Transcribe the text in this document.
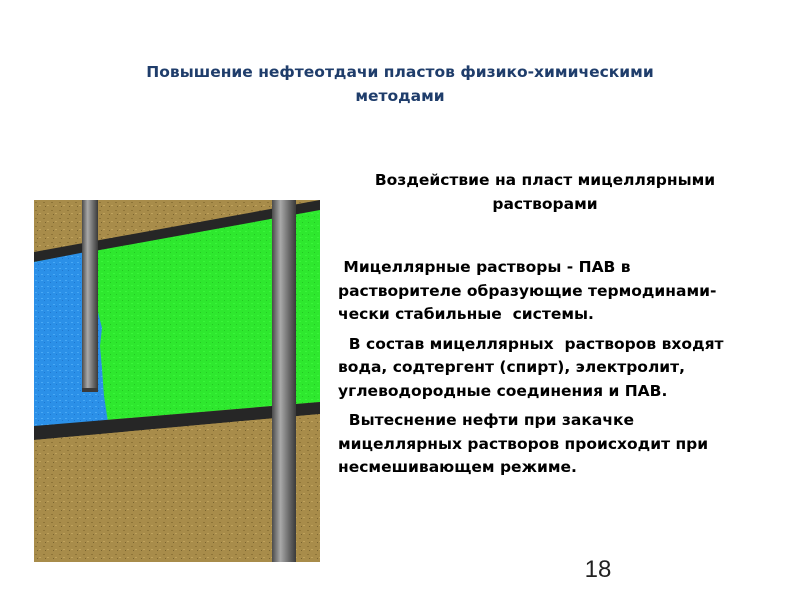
Повышение нефтеотдачи пластов физико-химическими
методами
Воздействие на пласт мицеллярными
растворами

Мицеллярные растворы - ПАВ в
растворителе образующие термодинами-
чески стабильные  системы.

В состав мицеллярных  растворов входят
вода, содтергент (спирт), электролит,
углеводородные соединения и ПАВ.

Вытеснение нефти при закачке
мицеллярных растворов происходит при
несмешивающем режиме.

18
